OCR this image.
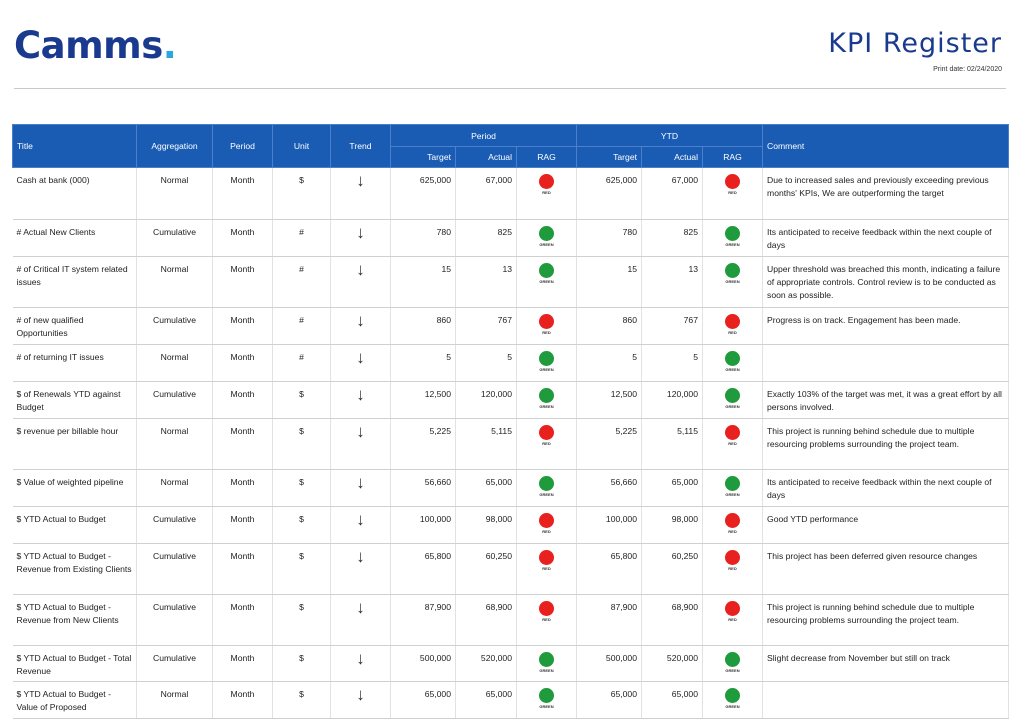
Camms.	KPI Register
Print date: 02/24/2020
Title	Aggregation	Period	Unit	Trend	Period			YTD			Comment
					Target	Actual	RAG	Target	Actual	RAG	
Cash at bank (000)	Normal	Month	$	↓	625,000	67,000	RED	625,000	67,000	RED	Due to increased sales and previously exceeding previous months' KPIs, We are outperforming the target
# Actual New Clients	Cumulative	Month	#	↓	780	825	GREEN	780	825	GREEN	Its anticipated to receive feedback within the next couple of days
# of Critical IT system related issues	Normal	Month	#	↓	15	13	GREEN	15	13	GREEN	Upper threshold was breached this month, indicating a failure of appropriate controls. Control review is to be conducted as soon as possible.
# of new qualified Opportunities	Cumulative	Month	#	↓	860	767	RED	860	767	RED	Progress is on track. Engagement has been made.
# of returning IT issues	Normal	Month	#	↓	5	5	GREEN	5	5	GREEN	

$ of Renewals YTD against Budget	Cumulative	Month	$	↓	12,500	120,000	GREEN	12,500	120,000	GREEN	Exactly 103% of the target was met, it was a great effort by all persons involved.
$ revenue per billable hour	Normal	Month	$	↓	5,225	5,115	RED	5,225	5,115	RED	This project is running behind schedule due to multiple resourcing problems surrounding the project team.
$ Value of weighted pipeline	Normal	Month	$	↓	56,660	65,000	GREEN	56,660	65,000	GREEN	Its anticipated to receive feedback within the next couple of days
$ YTD Actual to Budget	Cumulative	Month	$	↓	100,000	98,000	RED	100,000	98,000	RED	Good YTD performance
$ YTD Actual to Budget - Revenue from Existing Clients	Cumulative	Month	$	↓	65,800	60,250	RED	65,800	60,250	RED	This project has been deferred given resource changes
$ YTD Actual to Budget - Revenue from New Clients	Cumulative	Month	$	↓	87,900	68,900	RED	87,900	68,900	RED	This project is running behind schedule due to multiple resourcing problems surrounding the project team.
$ YTD Actual to Budget - Total Revenue	Cumulative	Month	$	↓	500,000	520,000	GREEN	500,000	520,000	GREEN	Slight decrease from November but still on track
$ YTD Actual to Budget - Value of Proposed	Normal	Month	$	↓	65,000	65,000	GREEN	65,000	65,000	GREEN	
